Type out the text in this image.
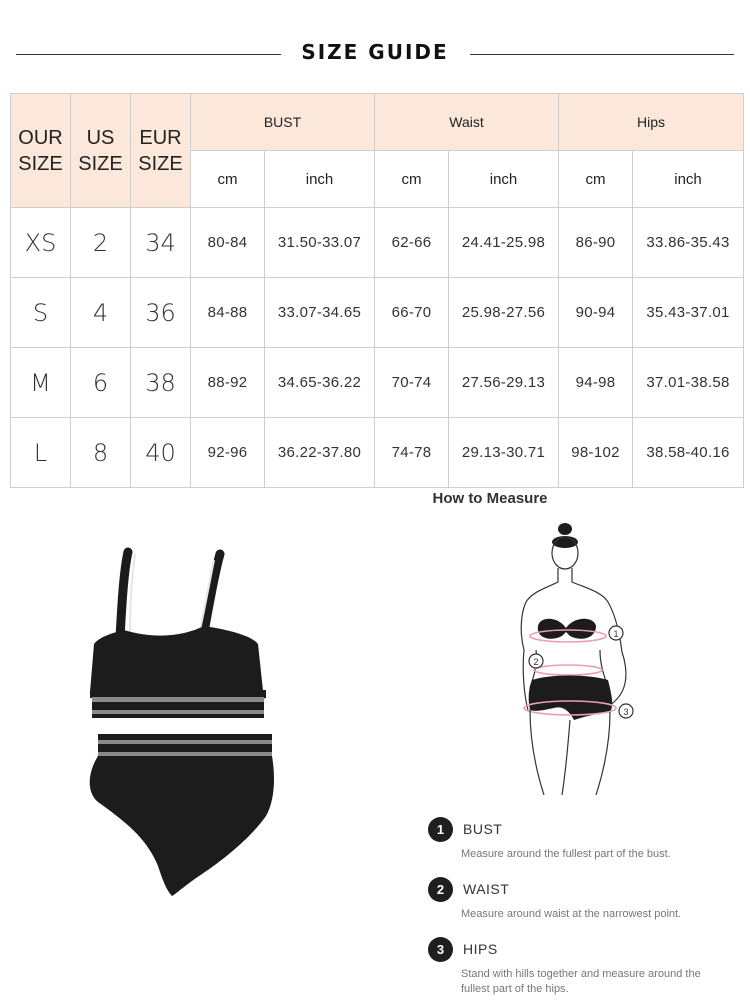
SIZE GUIDE
OUR SIZE	US SIZE	EUR SIZE	BUST		Waist		Hips	
			cm	inch	cm	inch	cm	inch
XS	2	34	80-84	31.50-33.07	62-66	24.41-25.98	86-90	33.86-35.43
S	4	36	84-88	33.07-34.65	66-70	25.98-27.56	90-94	35.43-37.01
M	6	38	88-92	34.65-36.22	70-74	27.56-29.13	94-98	37.01-38.58
L	8	40	92-96	36.22-37.80	74-78	29.13-30.71	98-102	38.58-40.16
How to Measure
1
2
3
1	BUST
Measure around the fullest part of the bust.
2	WAIST
Measure around waist at the narrowest point.
3	HIPS
Stand with hills together and measure around the fullest part of the hips.
